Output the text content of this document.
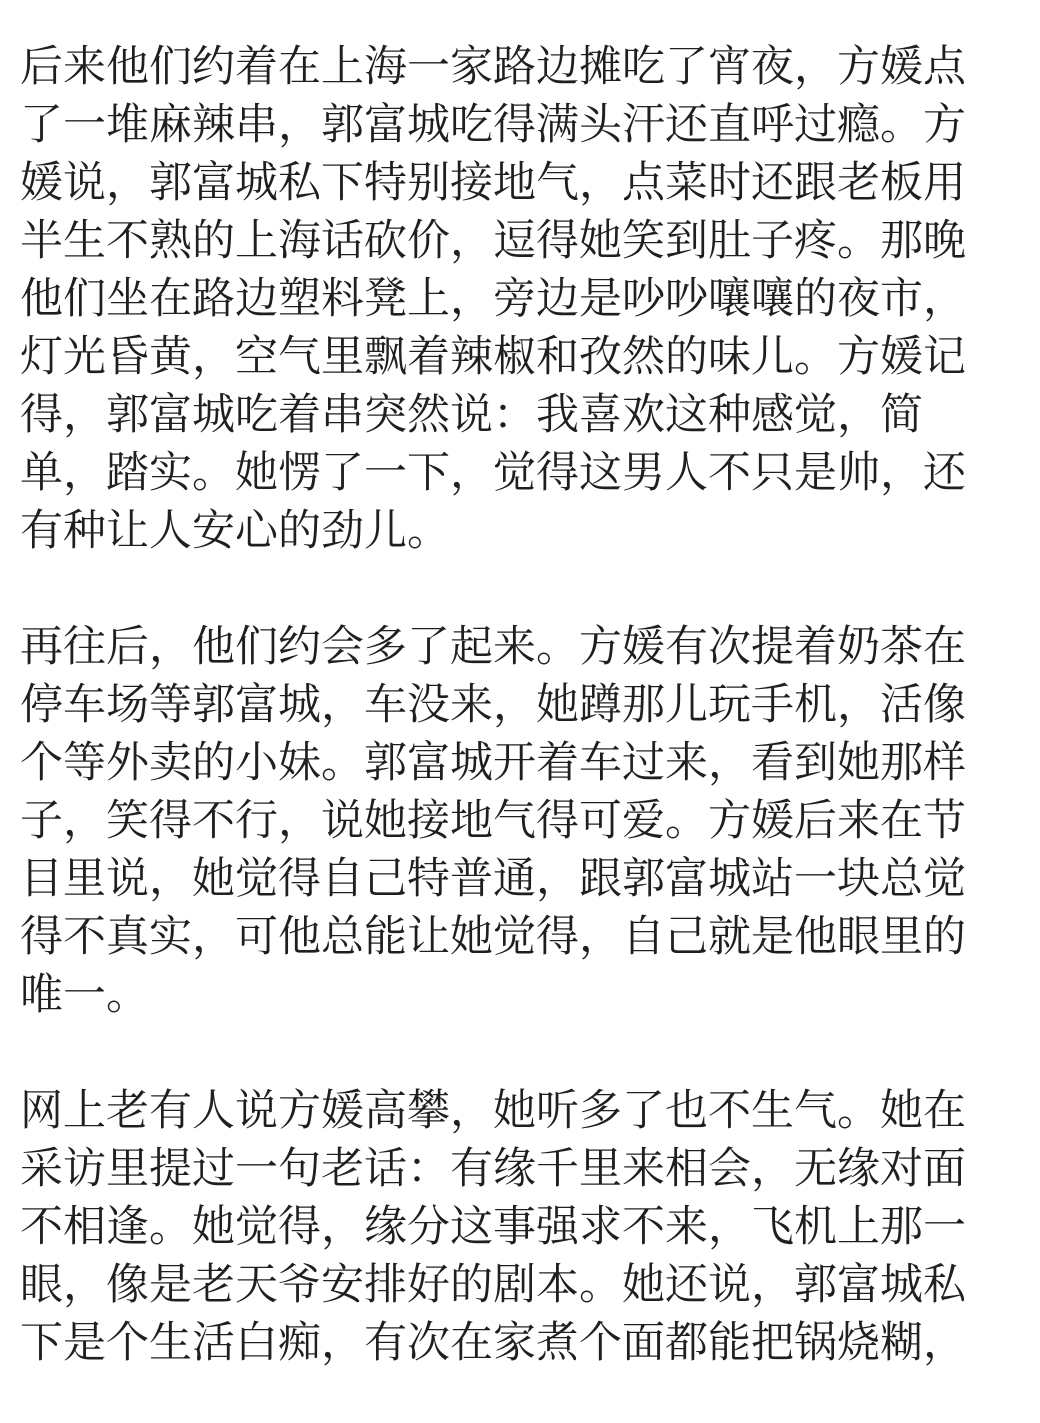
后来他们约着在上海一家路边摊吃了宵夜，方媛点
了一堆麻辣串，郭富城吃得满头汗还直呼过瘾。方
媛说，郭富城私下特别接地气，点菜时还跟老板用
半生不熟的上海话砍价，逗得她笑到肚子疼。那晚
他们坐在路边塑料凳上，旁边是吵吵嚷嚷的夜市，
灯光昏黄，空气里飘着辣椒和孜然的味儿。方媛记
得，郭富城吃着串突然说：我喜欢这种感觉，简
单，踏实。她愣了一下，觉得这男人不只是帅，还
有种让人安心的劲儿。
再往后，他们约会多了起来。方媛有次提着奶茶在
停车场等郭富城，车没来，她蹲那儿玩手机，活像
个等外卖的小妹。郭富城开着车过来，看到她那样
子，笑得不行，说她接地气得可爱。方媛后来在节
目里说，她觉得自己特普通，跟郭富城站一块总觉
得不真实，可他总能让她觉得，自己就是他眼里的
唯一。
网上老有人说方媛高攀，她听多了也不生气。她在
采访里提过一句老话：有缘千里来相会，无缘对面
不相逢。她觉得，缘分这事强求不来，飞机上那一
眼，像是老天爷安排好的剧本。她还说，郭富城私
下是个生活白痴，有次在家煮个面都能把锅烧糊，
